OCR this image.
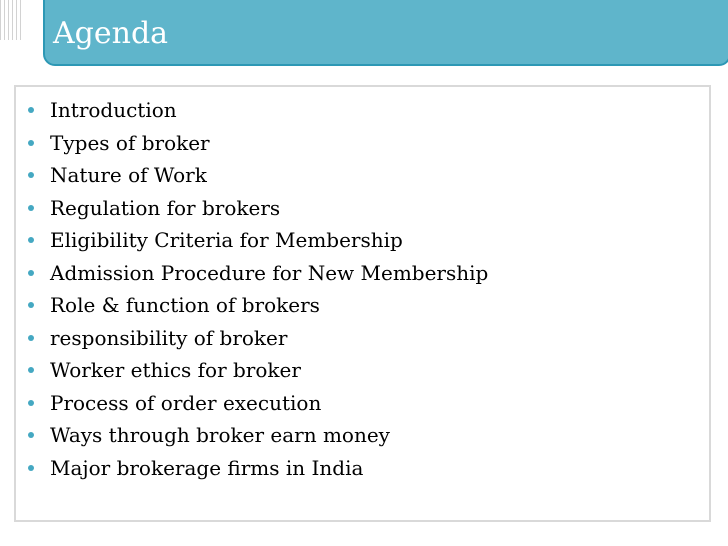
Agenda
Introduction
Types of broker
Nature of Work
Regulation for brokers
Eligibility Criteria for Membership
Admission Procedure for New Membership
Role & function of brokers
responsibility of broker
Worker ethics for broker
Process of order execution
Ways through broker earn money
Major brokerage firms in India
